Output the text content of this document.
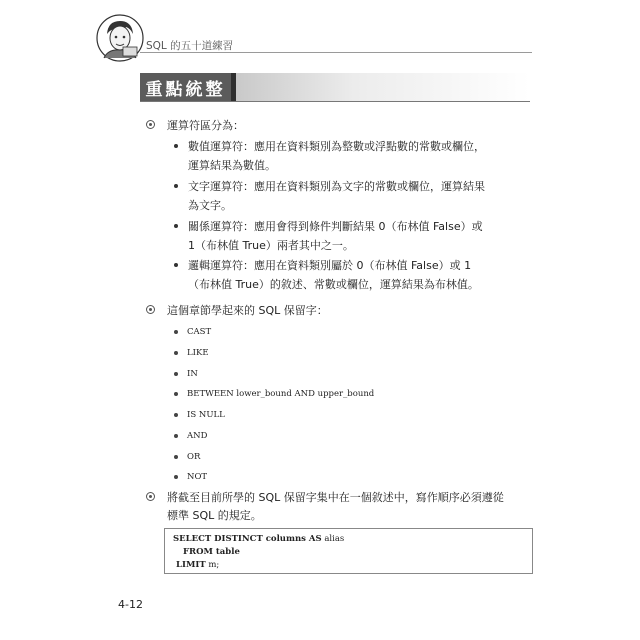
SQL 的五十道練習
重點統整
運算符區分為：
數值運算符：應用在資料類別為整數或浮點數的常數或欄位，運算結果為數值。
文字運算符：應用在資料類別為文字的常數或欄位，運算結果為文字。
關係運算符：應用會得到條件判斷結果 0（布林值 False）或 1（布林值 True）兩者其中之一。
邏輯運算符：應用在資料類別屬於 0（布林值 False）或 1（布林值 True）的敘述、常數或欄位，運算結果為布林值。
這個章節學起來的 SQL 保留字：
CAST
LIKE
IN
BETWEEN lower_bound AND upper_bound
IS NULL
AND
OR
NOT
將截至目前所學的 SQL 保留字集中在一個敘述中，寫作順序必須遵從標準 SQL 的規定。
SELECT DISTINCT columns AS alias
FROM table
LIMIT m;
4-12
